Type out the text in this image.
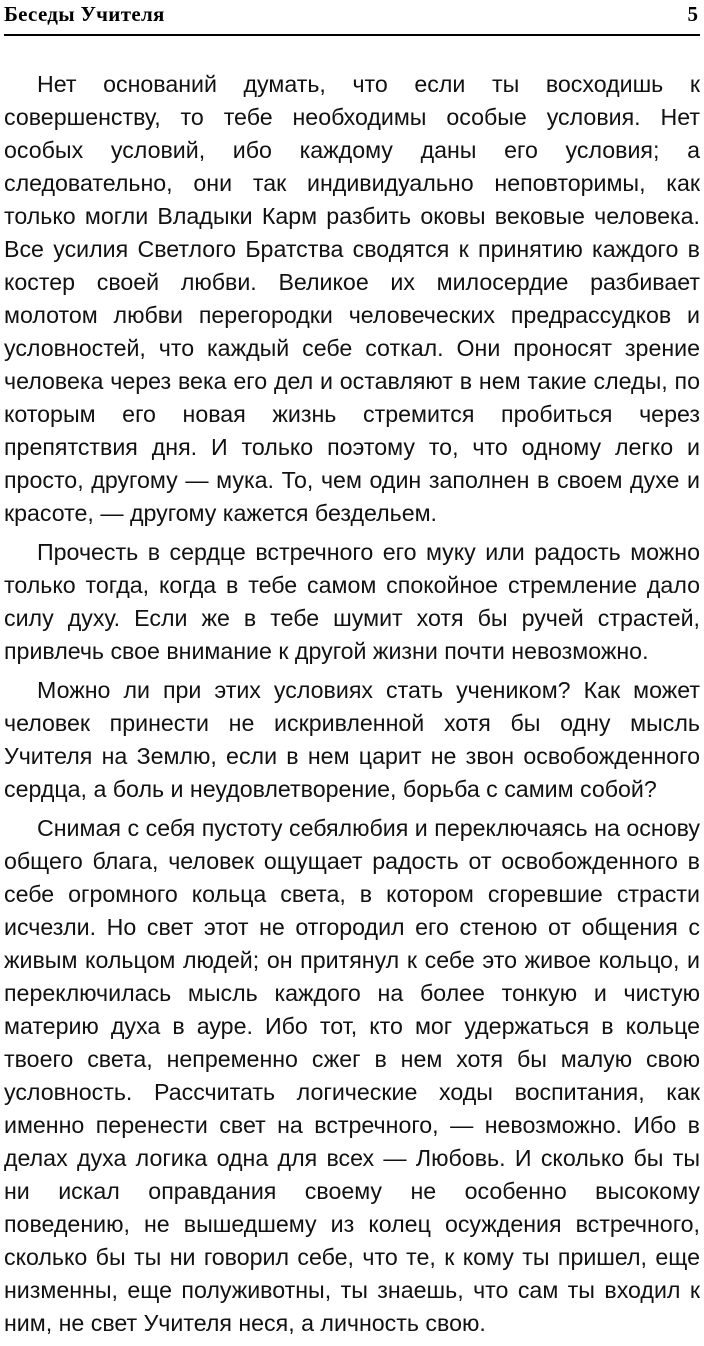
Беседы Учителя	5

Нет оснований думать, что если ты восходишь к совершенству, то тебе необходимы особые условия. Нет особых условий, ибо каждому даны его условия; а следовательно, они так индивидуально неповторимы, как только могли Владыки Карм разбить оковы вековые человека. Все усилия Светлого Братства сводятся к принятию каждого в костер своей любви. Великое их милосердие разбивает молотом любви перегородки человеческих предрассудков и условностей, что каждый себе соткал. Они проносят зрение человека через века его дел и оставляют в нем такие следы, по которым его новая жизнь стремится пробиться через препятствия дня. И только поэтому то, что одному легко и просто, другому — мука. То, чем один заполнен в своем духе и красоте, — другому кажется бездельем.

Прочесть в сердце встречного его муку или радость можно только тогда, когда в тебе самом спокойное стремление дало силу духу. Если же в тебе шумит хотя бы ручей страстей, привлечь свое внимание к другой жизни почти невозможно.

Можно ли при этих условиях стать учеником? Как может человек принести не искривленной хотя бы одну мысль Учителя на Землю, если в нем царит не звон освобожденного сердца, а боль и неудовлетворение, борьба с самим собой?

Снимая с себя пустоту себялюбия и переключаясь на основу общего блага, человек ощущает радость от освобожденного в себе огромного кольца света, в котором сгоревшие страсти исчезли. Но свет этот не отгородил его стеною от общения с живым кольцом людей; он притянул к себе это живое кольцо, и переключилась мысль каждого на более тонкую и чистую материю духа в ауре. Ибо тот, кто мог удержаться в кольце твоего света, непременно сжег в нем хотя бы малую свою условность. Рассчитать логические ходы воспитания, как именно перенести свет на встречного, — невозможно. Ибо в делах духа логика одна для всех — Любовь. И сколько бы ты ни искал оправдания своему не особенно высокому поведению, не вышедшему из колец осуждения встречного, сколько бы ты ни говорил себе, что те, к кому ты пришел, еще низменны, еще полуживотны, ты знаешь, что сам ты входил к ним, не свет Учителя неся, а личность свою.
